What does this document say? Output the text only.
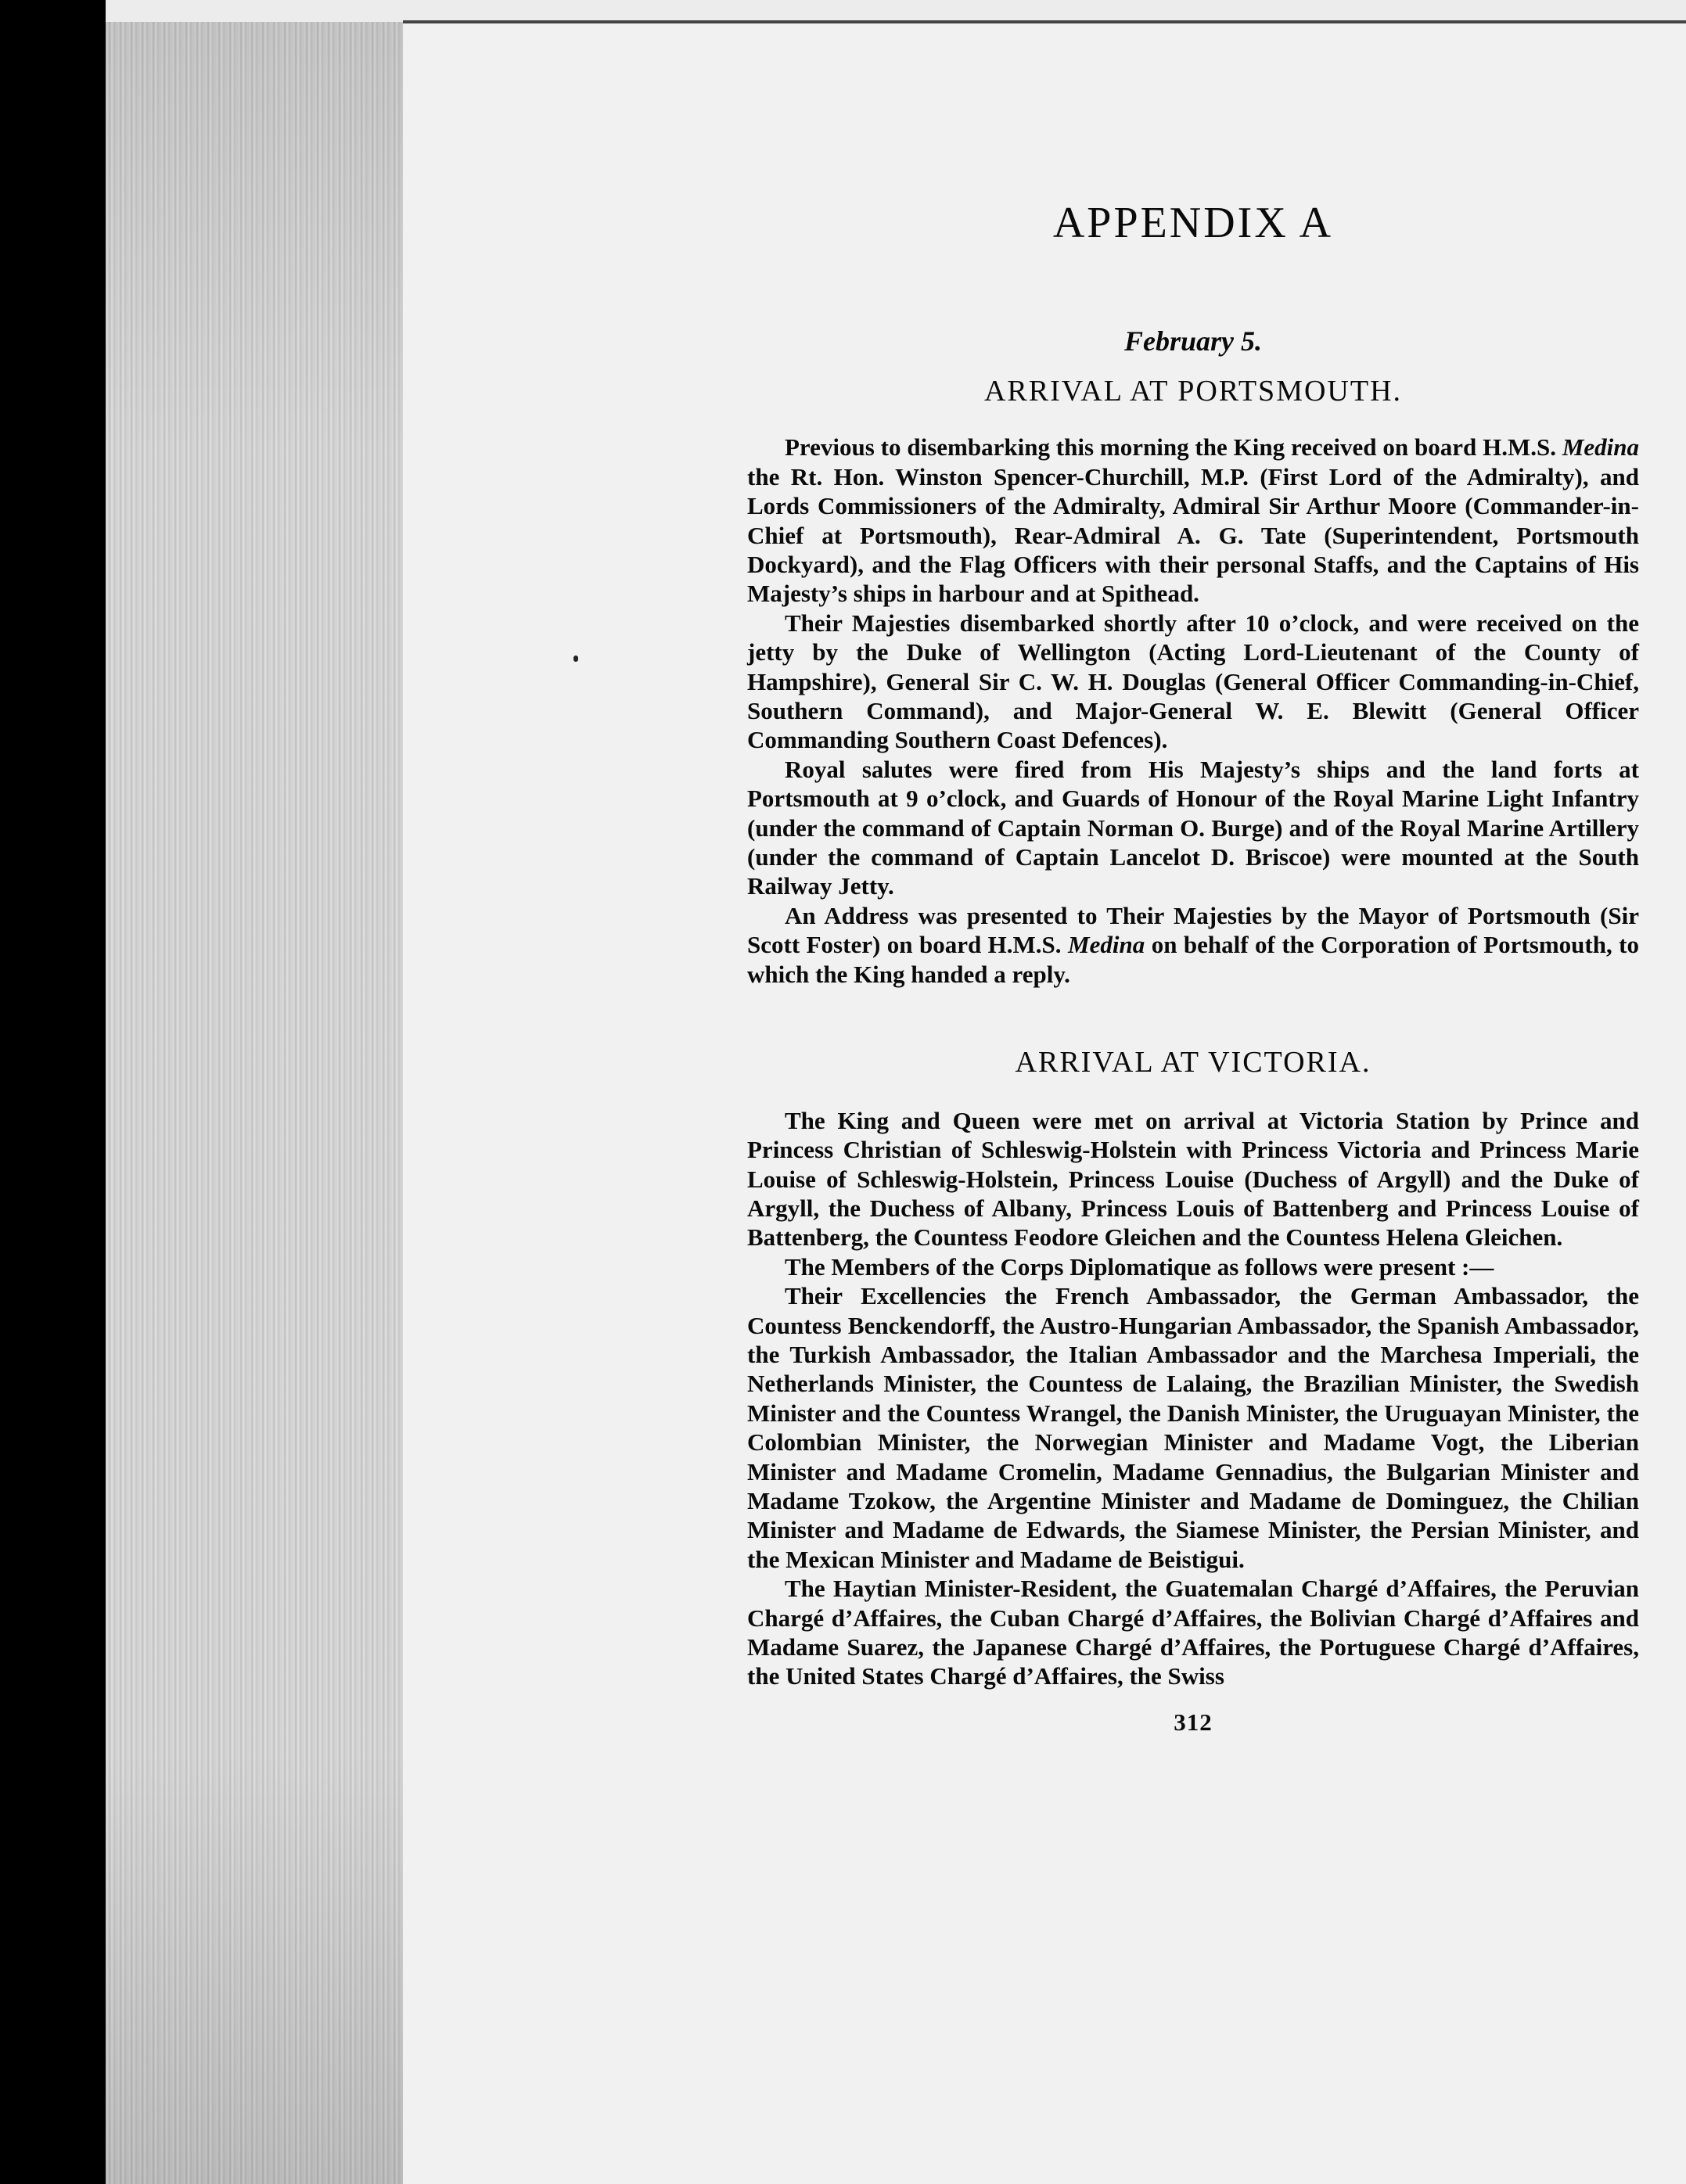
APPENDIX A
February 5.
ARRIVAL AT PORTSMOUTH.

Previous to disembarking this morning the King received on board H.M.S. Medina the Rt. Hon. Winston Spencer-Churchill, M.P. (First Lord of the Admiralty), and Lords Commissioners of the Admiralty, Admiral Sir Arthur Moore (Commander-in-Chief at Portsmouth), Rear-Admiral A. G. Tate (Superintendent, Portsmouth Dockyard), and the Flag Officers with their personal Staffs, and the Captains of His Majesty’s ships in harbour and at Spithead.

Their Majesties disembarked shortly after 10 o’clock, and were received on the jetty by the Duke of Wellington (Acting Lord-Lieutenant of the County of Hampshire), General Sir C. W. H. Douglas (General Officer Commanding-in-Chief, Southern Command), and Major-General W. E. Blewitt (General Officer Commanding Southern Coast Defences).

Royal salutes were fired from His Majesty’s ships and the land forts at Portsmouth at 9 o’clock, and Guards of Honour of the Royal Marine Light Infantry (under the command of Captain Norman O. Burge) and of the Royal Marine Artillery (under the command of Captain Lancelot D. Briscoe) were mounted at the South Railway Jetty.

An Address was presented to Their Majesties by the Mayor of Portsmouth (Sir Scott Foster) on board H.M.S. Medina on behalf of the Corporation of Portsmouth, to which the King handed a reply.

ARRIVAL AT VICTORIA.

The King and Queen were met on arrival at Victoria Station by Prince and Princess Christian of Schleswig-Holstein with Princess Victoria and Princess Marie Louise of Schleswig-Holstein, Princess Louise (Duchess of Argyll) and the Duke of Argyll, the Duchess of Albany, Princess Louis of Battenberg and Princess Louise of Battenberg, the Countess Feodore Gleichen and the Countess Helena Gleichen.

The Members of the Corps Diplomatique as follows were present :—

Their Excellencies the French Ambassador, the German Ambassador, the Countess Benckendorff, the Austro-Hungarian Ambassador, the Spanish Ambassador, the Turkish Ambassador, the Italian Ambassador and the Marchesa Imperiali, the Netherlands Minister, the Countess de Lalaing, the Brazilian Minister, the Swedish Minister and the Countess Wrangel, the Danish Minister, the Uruguayan Minister, the Colombian Minister, the Norwegian Minister and Madame Vogt, the Liberian Minister and Madame Cromelin, Madame Gennadius, the Bulgarian Minister and Madame Tzokow, the Argentine Minister and Madame de Dominguez, the Chilian Minister and Madame de Edwards, the Siamese Minister, the Persian Minister, and the Mexican Minister and Madame de Beistigui.

The Haytian Minister-Resident, the Guatemalan Chargé d’Affaires, the Peruvian Chargé d’Affaires, the Cuban Chargé d’Affaires, the Bolivian Chargé d’Affaires and Madame Suarez, the Japanese Chargé d’Affaires, the Portuguese Chargé d’Affaires, the United States Chargé d’Affaires, the Swiss

312
